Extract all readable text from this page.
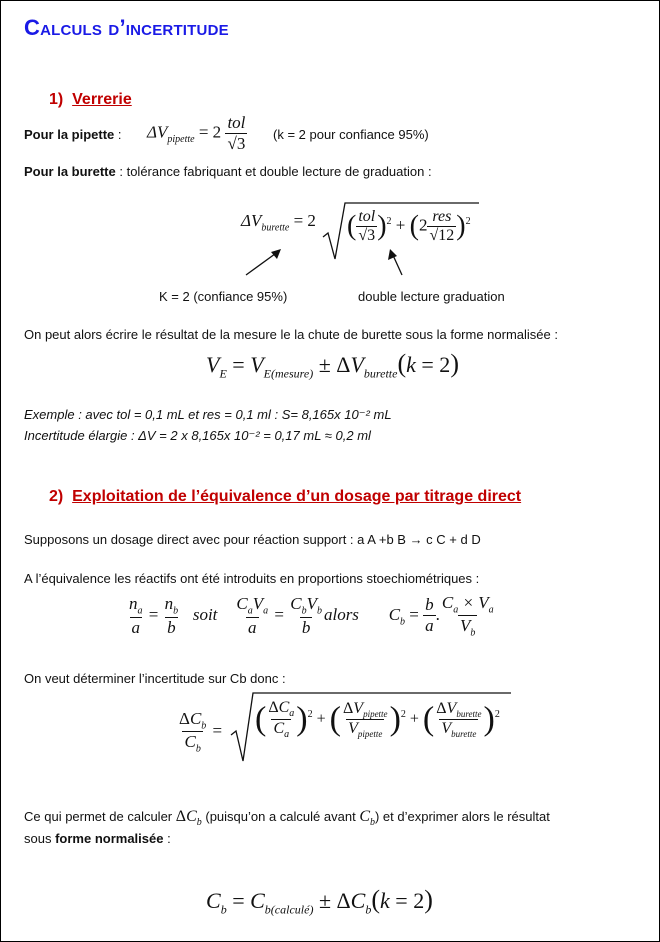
Calculs d’incertitude
1) Verrerie
Pour la pipette : $\Delta V_{pipette} = 2 \frac{\text{tol}}{√3} (k = 2$ pour confiance 95%)
Pour la burette : tolérance fabriquant et double lecture de graduation :
$\Delta V_{burette} = 2$ ( $\frac{\text{tol}}{√3} )^2 + (2 \frac{\text{res}}{√12} )^2$
K = 2 (confiance 95%)	double lecture graduation
On peut alors écrire le résultat de la mesure le la chute de burette sous la forme normalisée :
$V_E = V_{E(mesure)} \pm \Delta V_{burette}(k = 2)$
Exemple : avec tol = 0,1 mL et res = 0,1 ml : S= 8,165x 10⁻² mL
Incertitude élargie : ΔV = 2 x 8,165x 10⁻² = 0,17 mL ≈ 0,2 ml
2) Exploitation de l’équivalence d’un dosage par titrage direct
Supposons un dosage direct avec pour réaction support : a A +b B → c C + d D
A l’équivalence les réactifs ont été introduits en proportions stoechiométriques :
$\frac{n_a}{a} = \frac{n_b}{b}$ soit $\frac{C_aV_a}{a} = \frac{C_bV_b}{b}$ alors $C_b = \frac{b}{a}$ . $\frac{C_a \times V_a}{V_b}$
On veut déterminer l’incertitude sur Cb donc :
$\frac{\Delta C_b}{C_b}$ = ( $\frac{\Delta C_a}{C_a} )^2$ + ( $\frac{\Delta V_{pipette}}{V_{pipette}} )^2$ + ( $\frac{\Delta V_{burette}}{V_{burette}} )^2$
Ce qui permet de calculer $\Delta C_b$ (puisqu’on a calculé avant $C_b$) et d’exprimer alors le résultat
sous forme normalisée :
$C_b = C_{b(calculé)} \pm \Delta C_b(k = 2)$
